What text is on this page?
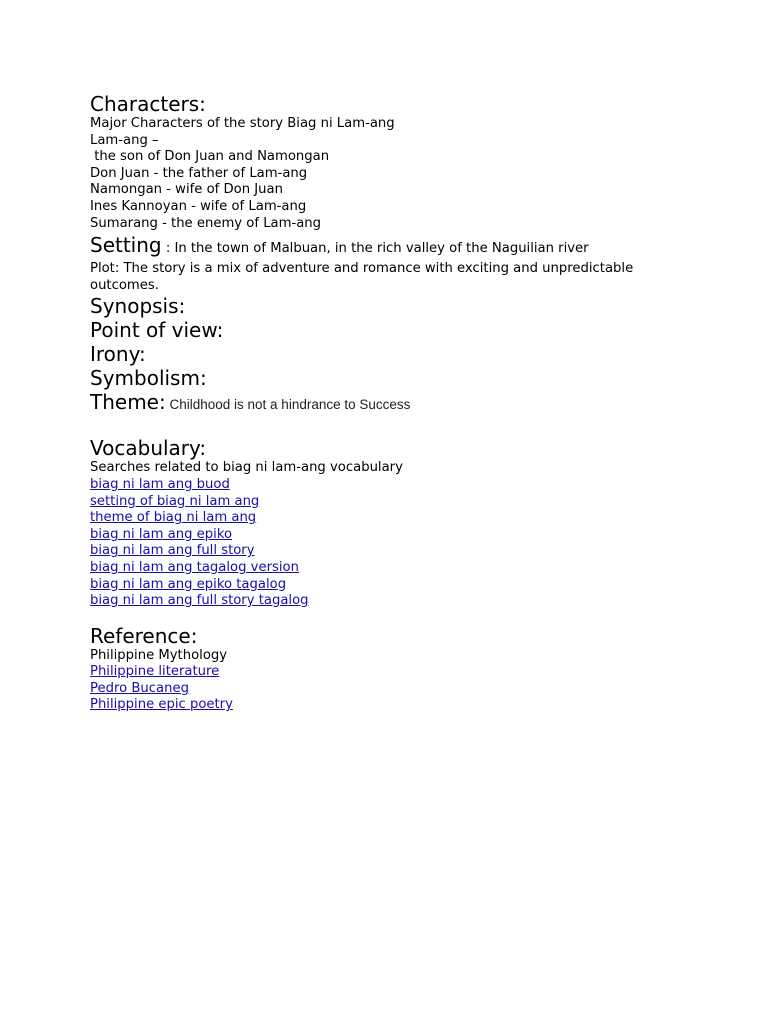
Characters:
Major Characters of the story Biag ni Lam-ang
Lam-ang –
the son of Don Juan and Namongan
Don Juan - the father of Lam-ang
Namongan - wife of Don Juan
Ines Kannoyan - wife of Lam-ang
Sumarang - the enemy of Lam-ang
Setting : In the town of Malbuan, in the rich valley of the Naguilian river
Plot: The story is a mix of adventure and romance with exciting and unpredictable outcomes.
Synopsis:
Point of view:
Irony:
Symbolism:
Theme: Childhood is not a hindrance to Success
Vocabulary:
Searches related to biag ni lam-ang vocabulary
biag ni lam ang buod
setting of biag ni lam ang
theme of biag ni lam ang
biag ni lam ang epiko
biag ni lam ang full story
biag ni lam ang tagalog version
biag ni lam ang epiko tagalog
biag ni lam ang full story tagalog
Reference:
Philippine Mythology
Philippine literature
Pedro Bucaneg
Philippine epic poetry
